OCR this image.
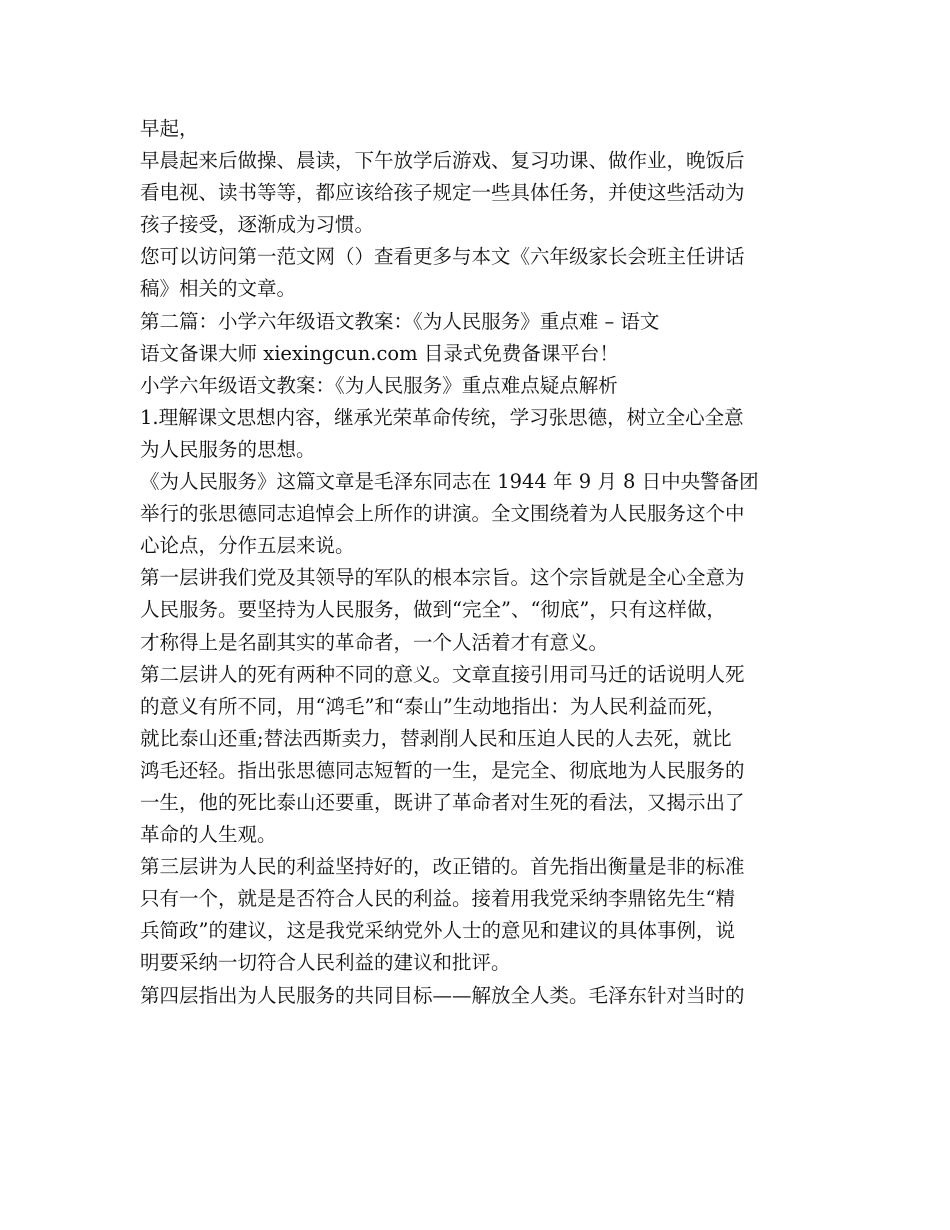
早起，
早晨起来后做操、晨读，下午放学后游戏、复习功课、做作业，晚饭后
看电视、读书等等，都应该给孩子规定一些具体任务，并使这些活动为
孩子接受，逐渐成为习惯。
您可以访问第一范文网（）查看更多与本文《六年级家长会班主任讲话
稿》相关的文章。
第二篇：小学六年级语文教案：《为人民服务》重点难 – 语文
语文备课大师 xiexingcun.com 目录式免费备课平台！
小学六年级语文教案：《为人民服务》重点难点疑点解析
1.理解课文思想内容，继承光荣革命传统，学习张思德，树立全心全意
为人民服务的思想。
《为人民服务》这篇文章是毛泽东同志在 1944 年 9 月 8 日中央警备团
举行的张思德同志追悼会上所作的讲演。全文围绕着为人民服务这个中
心论点，分作五层来说。
第一层讲我们党及其领导的军队的根本宗旨。这个宗旨就是全心全意为
人民服务。要坚持为人民服务，做到“完全”、“彻底”，只有这样做，
才称得上是名副其实的革命者，一个人活着才有意义。
第二层讲人的死有两种不同的意义。文章直接引用司马迁的话说明人死
的意义有所不同，用“鸿毛”和“泰山”生动地指出：为人民利益而死，
就比泰山还重;替法西斯卖力，替剥削人民和压迫人民的人去死，就比
鸿毛还轻。指出张思德同志短暂的一生，是完全、彻底地为人民服务的
一生，他的死比泰山还要重，既讲了革命者对生死的看法，又揭示出了
革命的人生观。
第三层讲为人民的利益坚持好的，改正错的。首先指出衡量是非的标准
只有一个，就是是否符合人民的利益。接着用我党采纳李鼎铭先生“精
兵简政”的建议，这是我党采纳党外人士的意见和建议的具体事例，说
明要采纳一切符合人民利益的建议和批评。
第四层指出为人民服务的共同目标——解放全人类。毛泽东针对当时的
